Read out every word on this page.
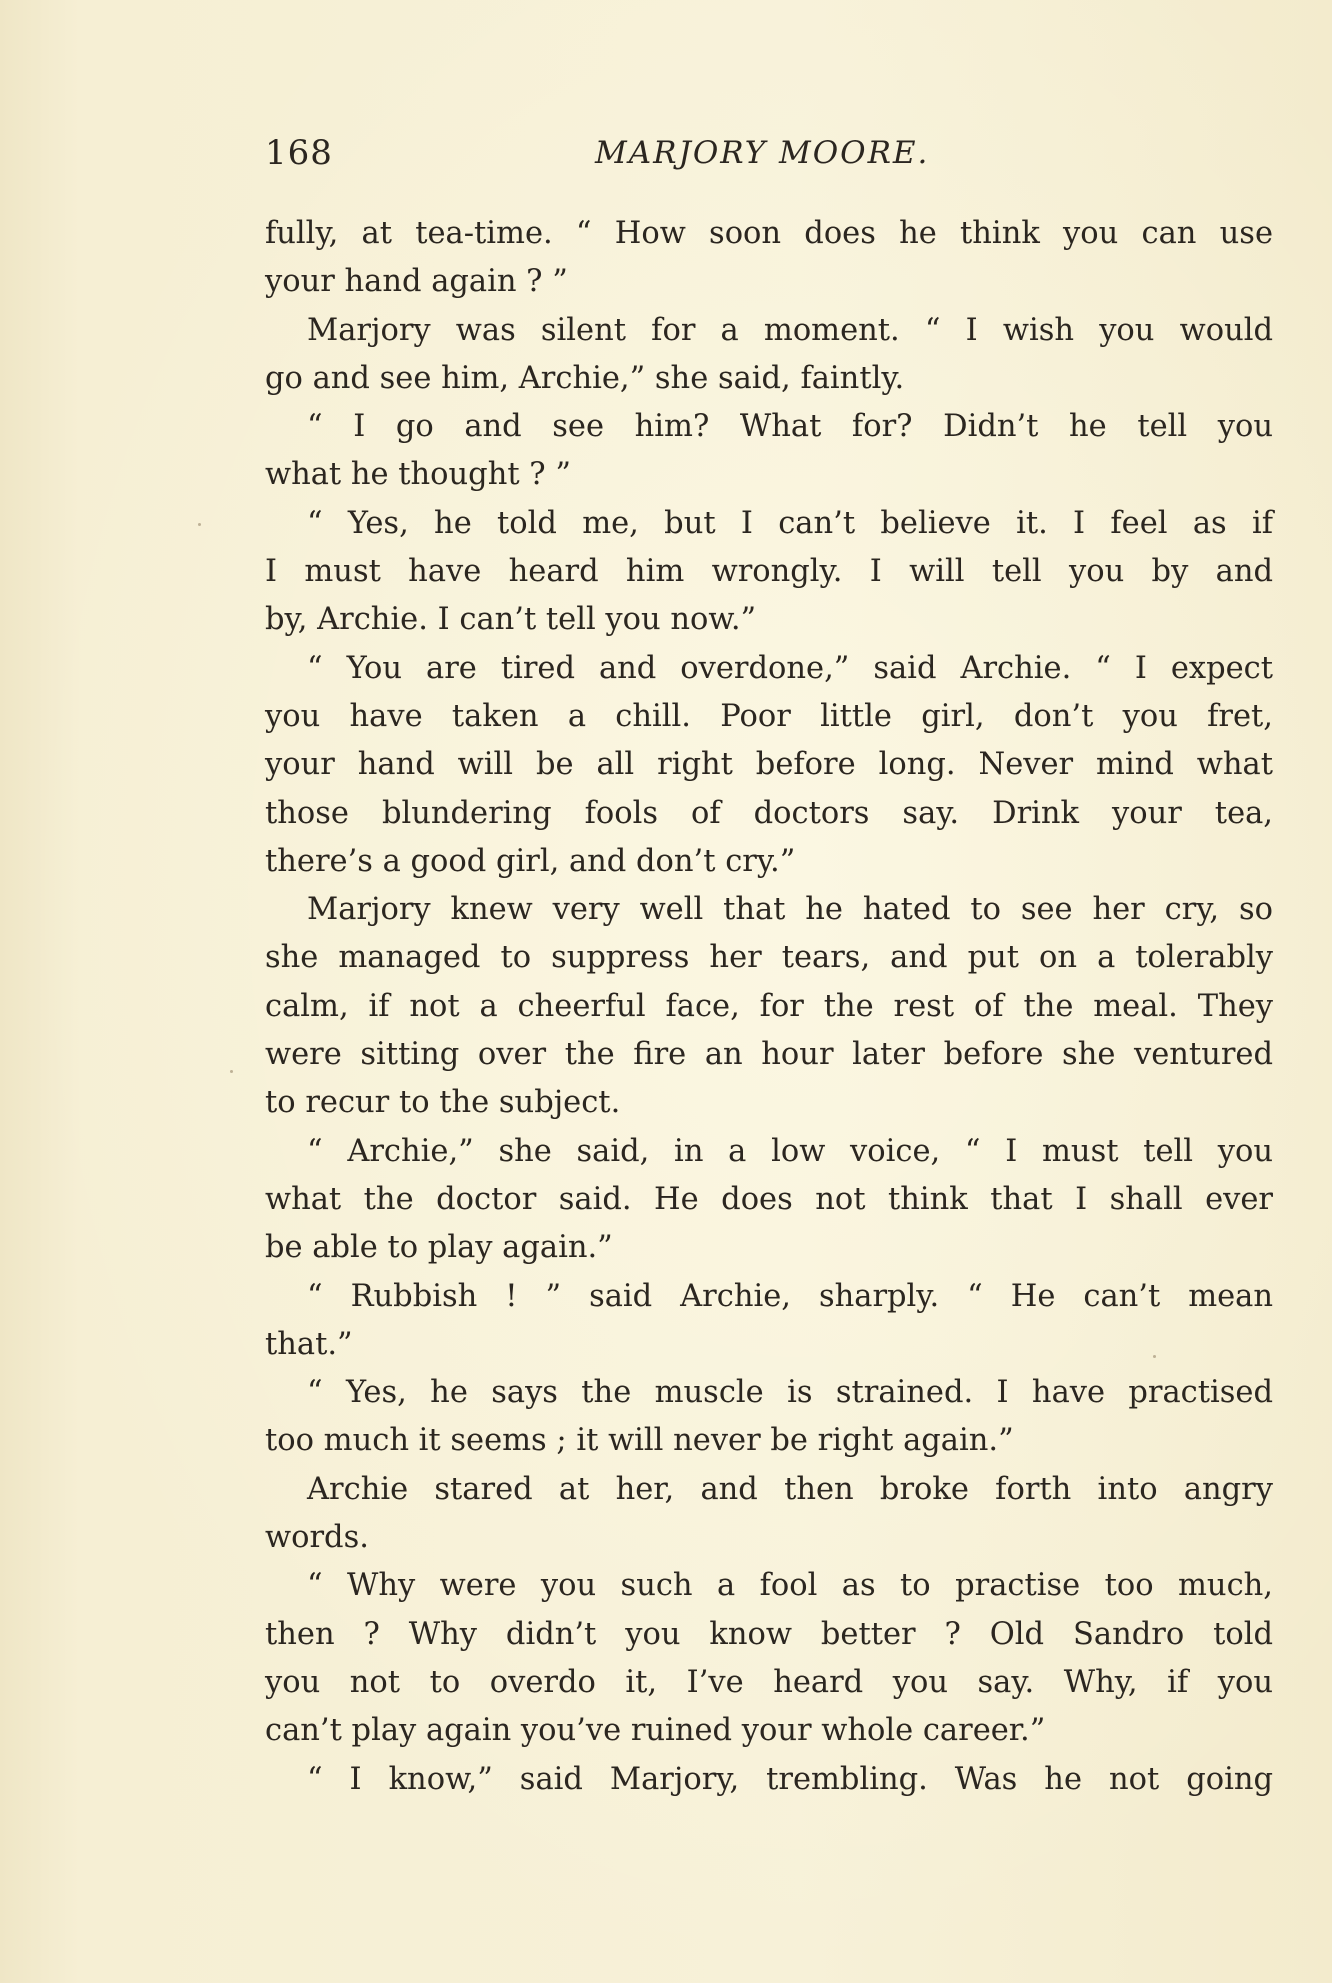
168	MARJORY MOORE.
fully, at tea-time. “ How soon does he think you can use
your hand again ? ”
Marjory was silent for a moment. “ I wish you would
go and see him, Archie,” she said, faintly.
“ I go and see him? What for? Didn’t he tell you
what he thought ? ”
“ Yes, he told me, but I can’t believe it. I feel as if
I must have heard him wrongly. I will tell you by and
by, Archie. I can’t tell you now.”
“ You are tired and overdone,” said Archie. “ I expect
you have taken a chill. Poor little girl, don’t you fret,
your hand will be all right before long. Never mind what
those blundering fools of doctors say. Drink your tea,
there’s a good girl, and don’t cry.”
Marjory knew very well that he hated to see her cry, so
she managed to suppress her tears, and put on a tolerably
calm, if not a cheerful face, for the rest of the meal. They
were sitting over the fire an hour later before she ventured
to recur to the subject.
“ Archie,” she said, in a low voice, “ I must tell you
what the doctor said. He does not think that I shall ever
be able to play again.”
“ Rubbish ! ” said Archie, sharply. “ He can’t mean
that.”
“ Yes, he says the muscle is strained. I have practised
too much it seems ; it will never be right again.”
Archie stared at her, and then broke forth into angry
words.
“ Why were you such a fool as to practise too much,
then ? Why didn’t you know better ? Old Sandro told
you not to overdo it, I’ve heard you say. Why, if you
can’t play again you’ve ruined your whole career.”
“ I know,” said Marjory, trembling. Was he not going
